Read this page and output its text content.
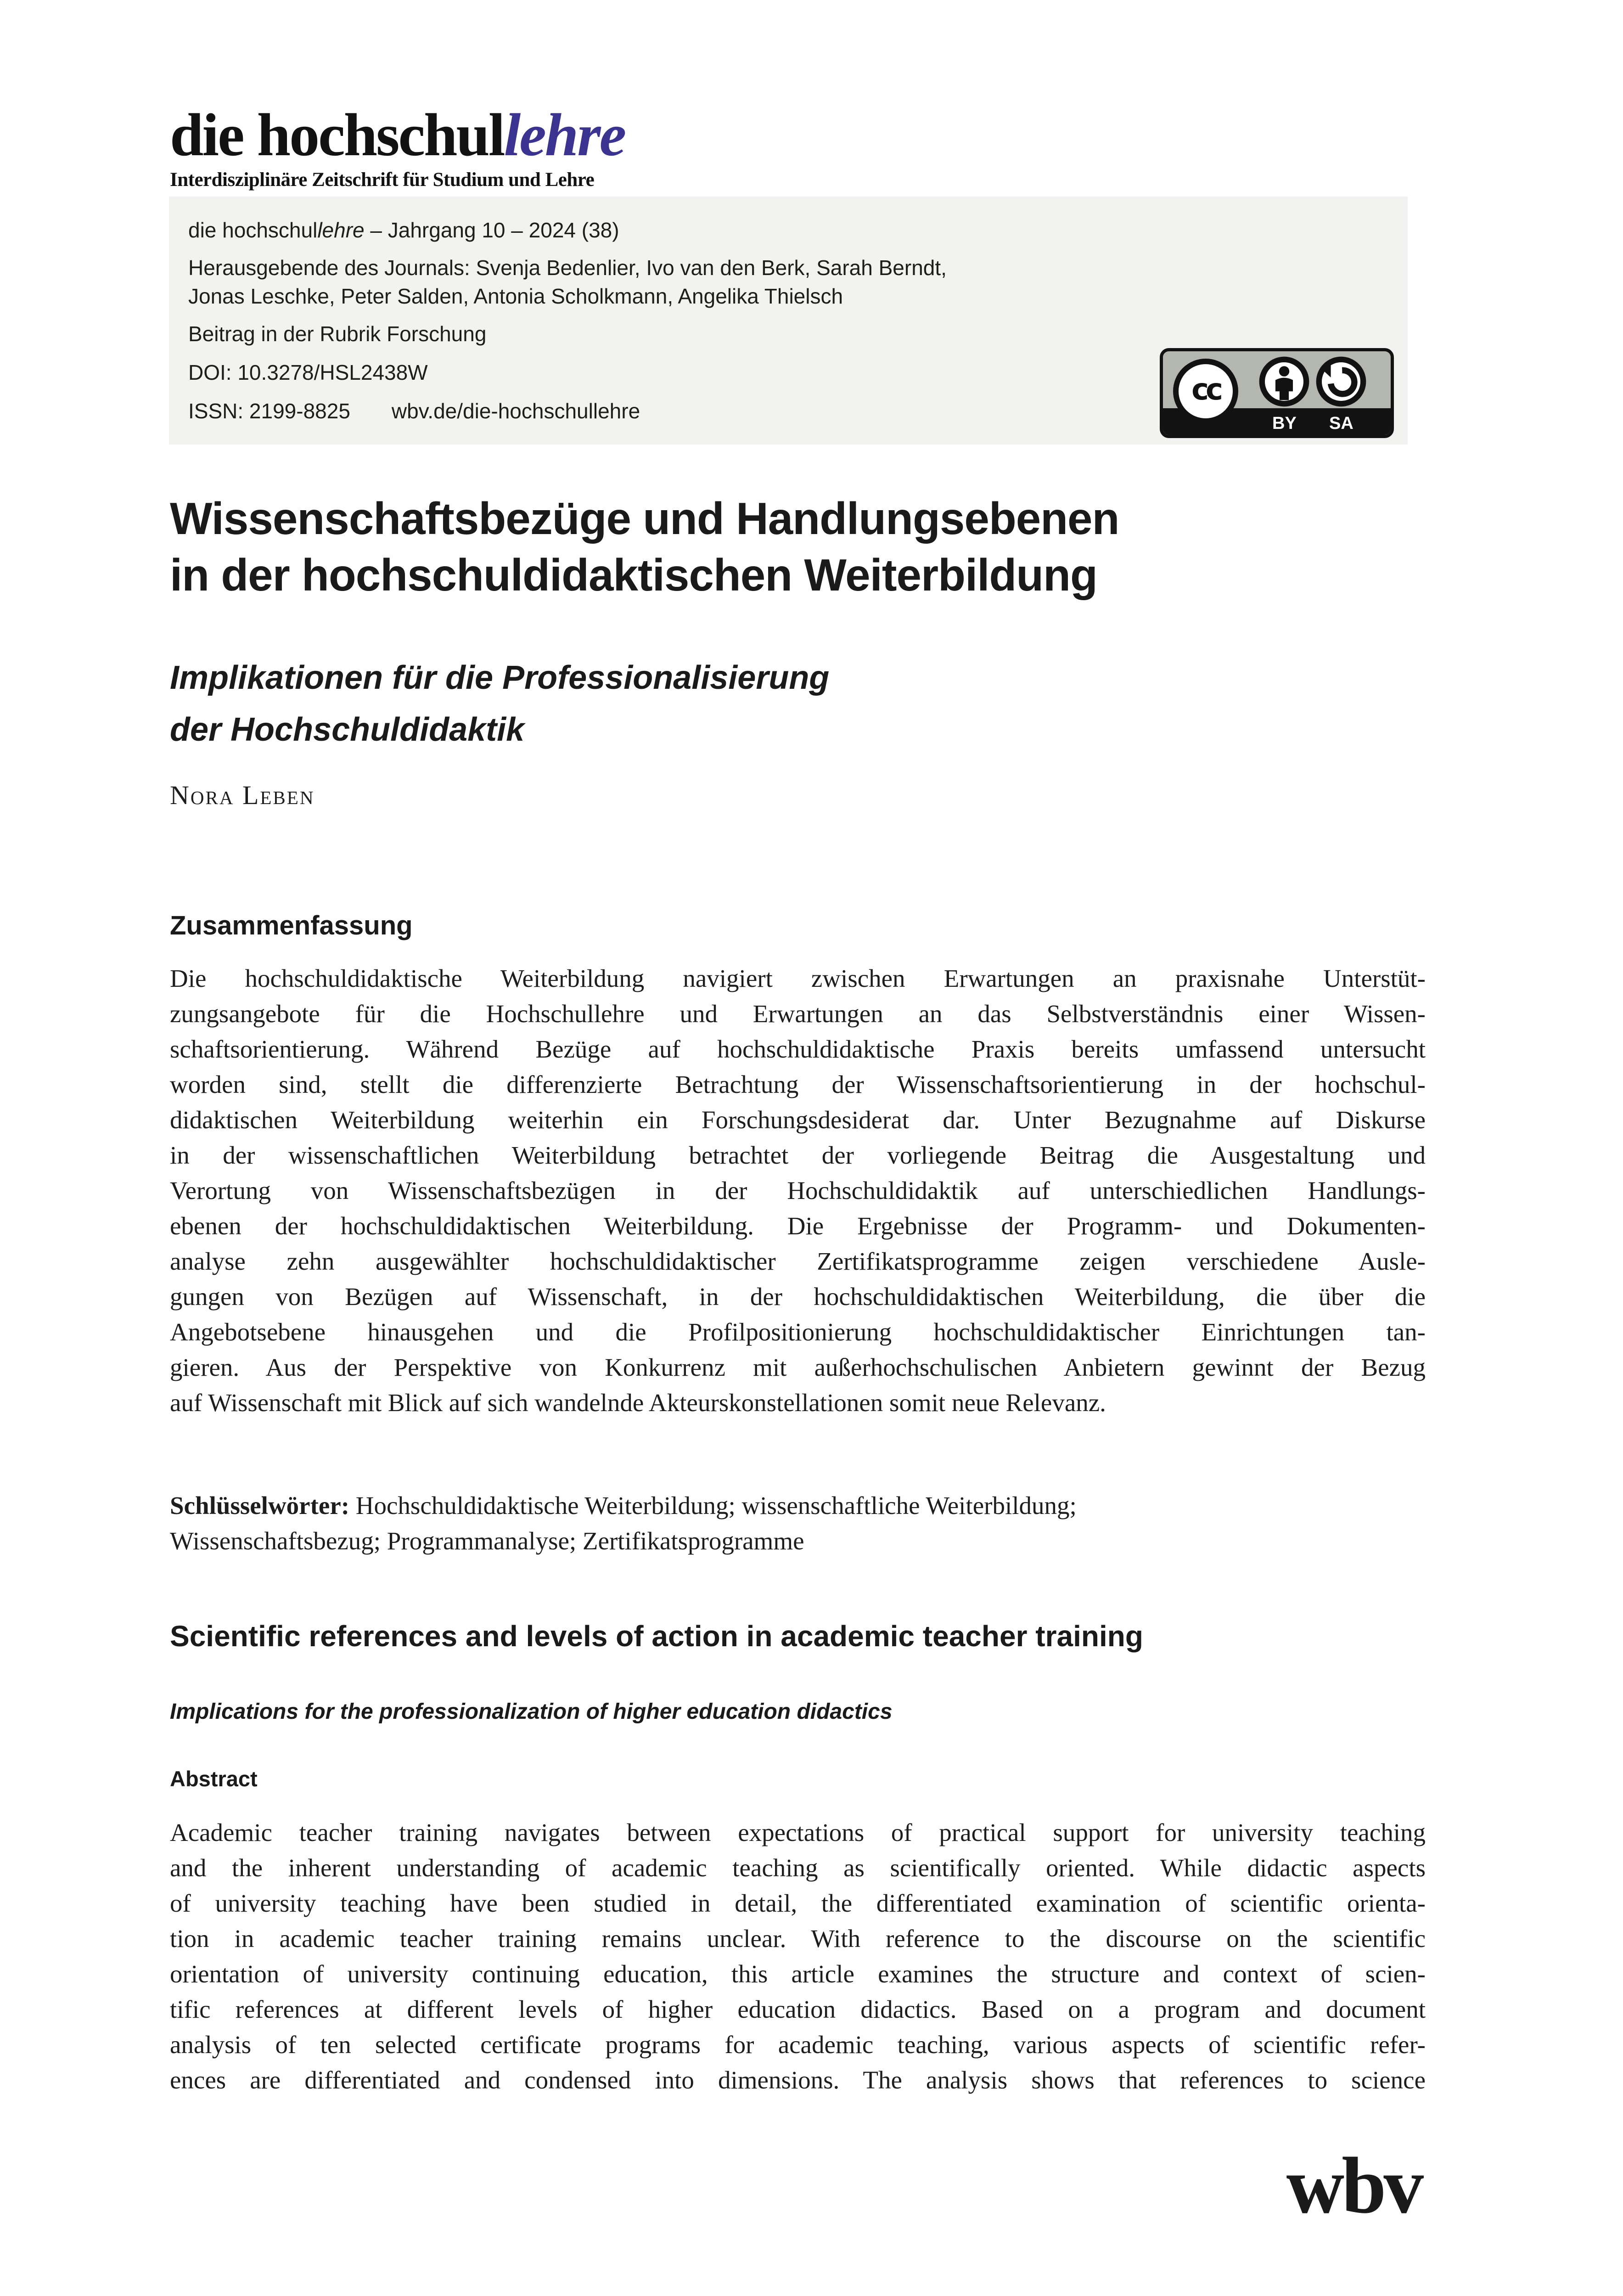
die hochschullehre
Interdisziplinäre Zeitschrift für Studium und Lehre
die hochschullehre – Jahrgang 10 – 2024 (38)
Herausgebende des Journals: Svenja Bedenlier, Ivo van den Berk, Sarah Berndt,
Jonas Leschke, Peter Salden, Antonia Scholkmann, Angelika Thielsch
Beitrag in der Rubrik Forschung
DOI: 10.3278/HSL2438W
ISSN: 2199-8825 wbv.de/die-hochschullehre
cc
BY SA
Wissenschaftsbezüge und Handlungsebenen
in der hochschuldidaktischen Weiterbildung
Implikationen für die Professionalisierung
der Hochschuldidaktik
Nora Leben
Zusammenfassung
Die hochschuldidaktische Weiterbildung navigiert zwischen Erwartungen an praxisnahe Unterstüt-
zungsangebote für die Hochschullehre und Erwartungen an das Selbstverständnis einer Wissen-
schaftsorientierung. Während Bezüge auf hochschuldidaktische Praxis bereits umfassend untersucht
worden sind, stellt die differenzierte Betrachtung der Wissenschaftsorientierung in der hochschul-
didaktischen Weiterbildung weiterhin ein Forschungsdesiderat dar. Unter Bezugnahme auf Diskurse
in der wissenschaftlichen Weiterbildung betrachtet der vorliegende Beitrag die Ausgestaltung und
Verortung von Wissenschaftsbezügen in der Hochschuldidaktik auf unterschiedlichen Handlungs-
ebenen der hochschuldidaktischen Weiterbildung. Die Ergebnisse der Programm- und Dokumenten-
analyse zehn ausgewählter hochschuldidaktischer Zertifikatsprogramme zeigen verschiedene Ausle-
gungen von Bezügen auf Wissenschaft, in der hochschuldidaktischen Weiterbildung, die über die
Angebotsebene hinausgehen und die Profilpositionierung hochschuldidaktischer Einrichtungen tan-
gieren. Aus der Perspektive von Konkurrenz mit außerhochschulischen Anbietern gewinnt der Bezug
auf Wissenschaft mit Blick auf sich wandelnde Akteurskonstellationen somit neue Relevanz.
Schlüsselwörter: Hochschuldidaktische Weiterbildung; wissenschaftliche Weiterbildung;
Wissenschaftsbezug; Programmanalyse; Zertifikatsprogramme
Scientific references and levels of action in academic teacher training
Implications for the professionalization of higher education didactics
Abstract
Academic teacher training navigates between expectations of practical support for university teaching
and the inherent understanding of academic teaching as scientifically oriented. While didactic aspects
of university teaching have been studied in detail, the differentiated examination of scientific orienta-
tion in academic teacher training remains unclear. With reference to the discourse on the scientific
orientation of university continuing education, this article examines the structure and context of scien-
tific references at different levels of higher education didactics. Based on a program and document
analysis of ten selected certificate programs for academic teaching, various aspects of scientific refer-
ences are differentiated and condensed into dimensions. The analysis shows that references to science
wbv
